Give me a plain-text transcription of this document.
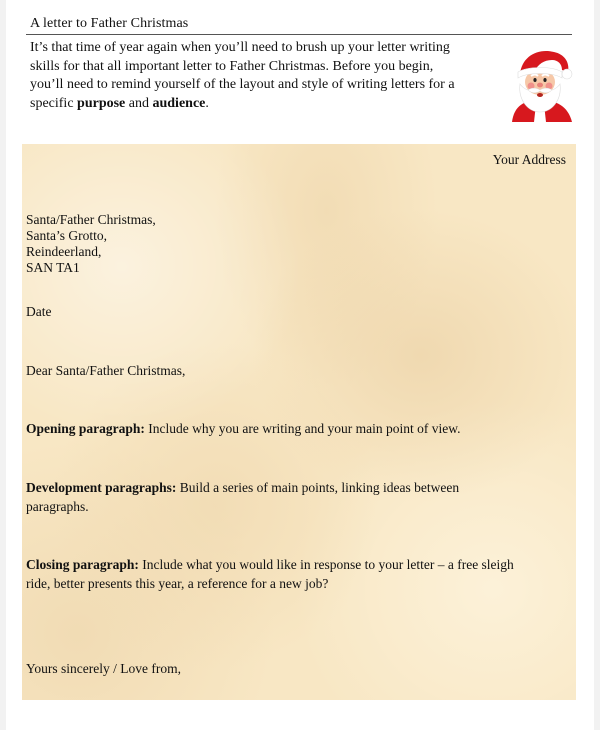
A letter to Father Christmas
It’s that time of year again when you’ll need to brush up your letter writing
skills for that all important letter to Father Christmas. Before you begin,
you’ll need to remind yourself of the layout and style of writing letters for a
specific purpose and audience.
Your Address
Santa/Father Christmas,
Santa’s Grotto,
Reindeerland,
SAN TA1
Date
Dear Santa/Father Christmas,
Opening paragraph: Include why you are writing and your main point of view.
Development paragraphs: Build a series of main points, linking ideas between
paragraphs.
Closing paragraph: Include what you would like in response to your letter – a free sleigh
ride, better presents this year, a reference for a new job?
Yours sincerely / Love from,
